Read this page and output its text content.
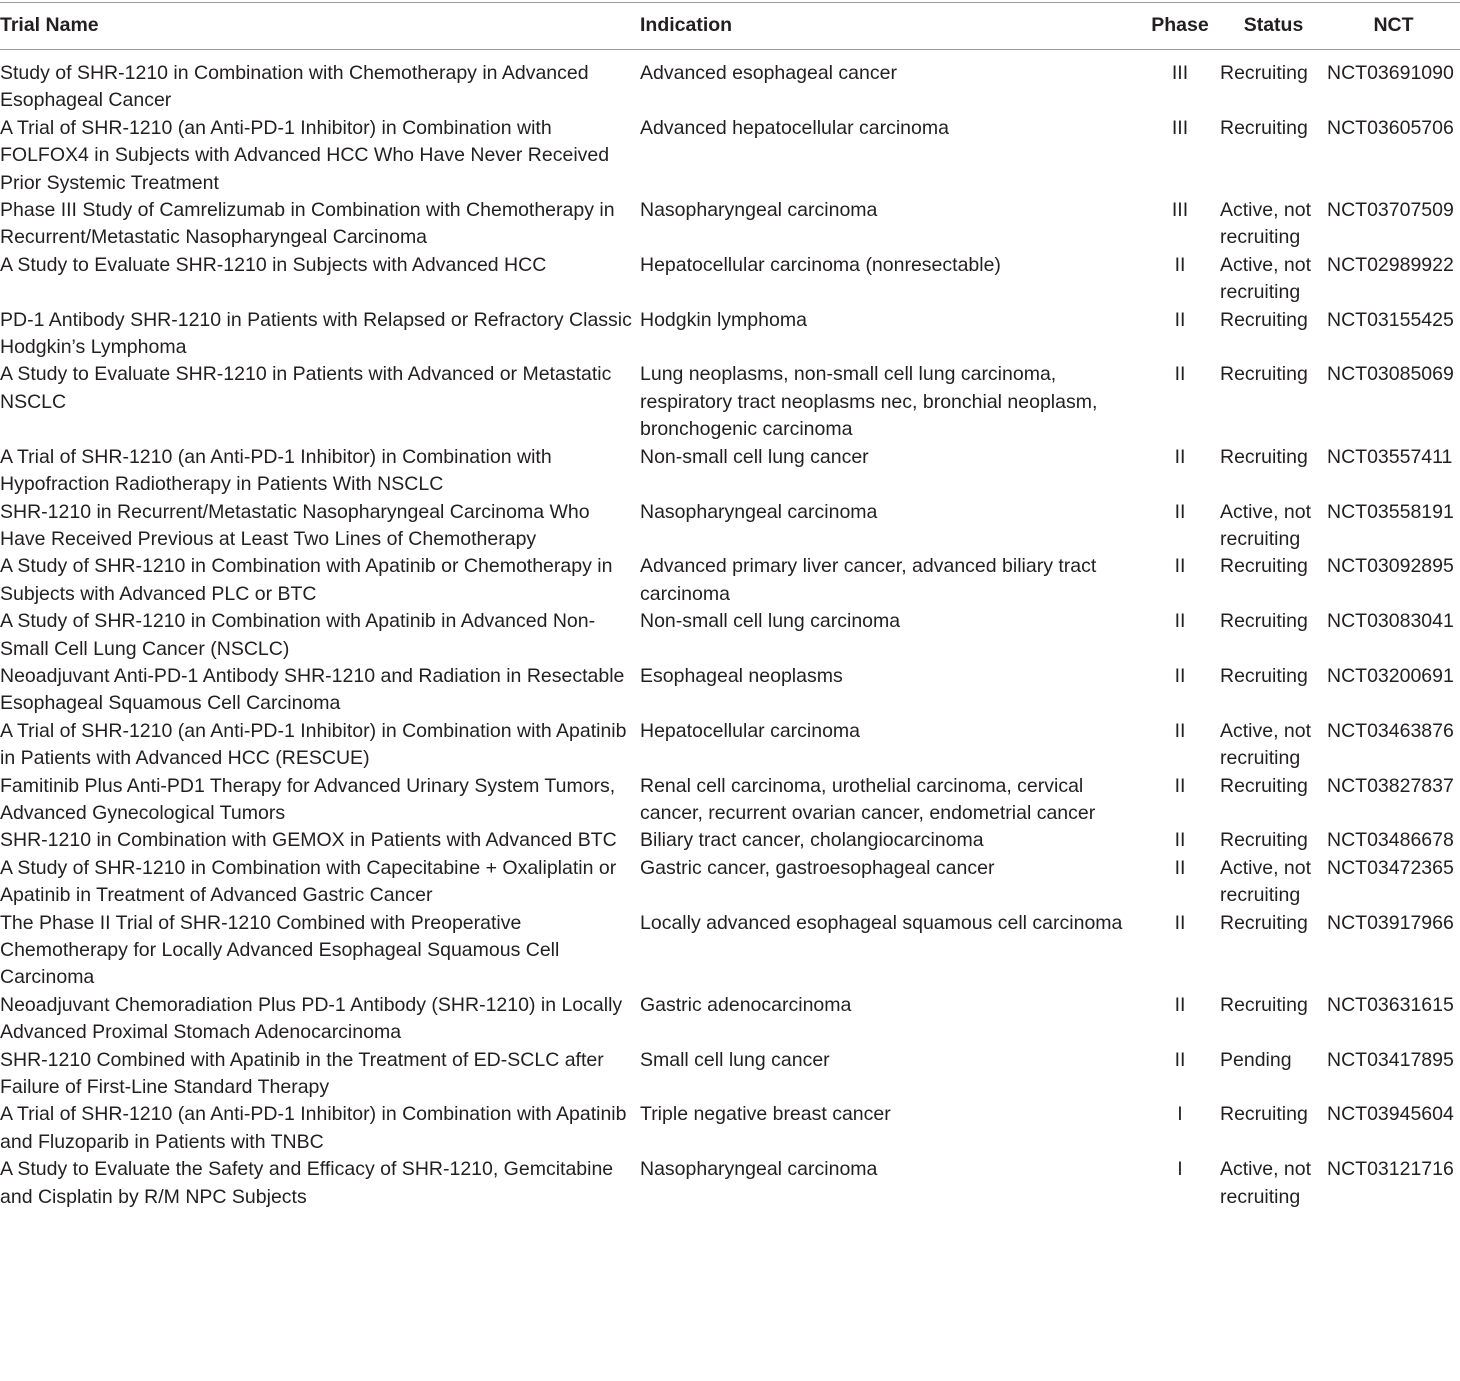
Trial Name	Indication	Phase	Status	NCT
Study of SHR-1210 in Combination with Chemotherapy in Advanced Esophageal Cancer	Advanced esophageal cancer	III	Recruiting	NCT03691090
A Trial of SHR-1210 (an Anti-PD-1 Inhibitor) in Combination with FOLFOX4 in Subjects with Advanced HCC Who Have Never Received Prior Systemic Treatment	Advanced hepatocellular carcinoma	III	Recruiting	NCT03605706
Phase III Study of Camrelizumab in Combination with Chemotherapy in Recurrent/Metastatic Nasopharyngeal Carcinoma	Nasopharyngeal carcinoma	III	Active, not recruiting	NCT03707509
A Study to Evaluate SHR-1210 in Subjects with Advanced HCC	Hepatocellular carcinoma (nonresectable)	II	Active, not recruiting	NCT02989922
PD-1 Antibody SHR-1210 in Patients with Relapsed or Refractory Classic Hodgkin’s Lymphoma	Hodgkin lymphoma	II	Recruiting	NCT03155425
A Study to Evaluate SHR-1210 in Patients with Advanced or Metastatic NSCLC	Lung neoplasms, non-small cell lung carcinoma, respiratory tract neoplasms nec, bronchial neoplasm, bronchogenic carcinoma	II	Recruiting	NCT03085069
A Trial of SHR-1210 (an Anti-PD-1 Inhibitor) in Combination with Hypofraction Radiotherapy in Patients With NSCLC	Non-small cell lung cancer	II	Recruiting	NCT03557411
SHR-1210 in Recurrent/Metastatic Nasopharyngeal Carcinoma Who Have Received Previous at Least Two Lines of Chemotherapy	Nasopharyngeal carcinoma	II	Active, not recruiting	NCT03558191
A Study of SHR-1210 in Combination with Apatinib or Chemotherapy in Subjects with Advanced PLC or BTC	Advanced primary liver cancer, advanced biliary tract carcinoma	II	Recruiting	NCT03092895
A Study of SHR-1210 in Combination with Apatinib in Advanced Non-Small Cell Lung Cancer (NSCLC)	Non-small cell lung carcinoma	II	Recruiting	NCT03083041
Neoadjuvant Anti-PD-1 Antibody SHR-1210 and Radiation in Resectable Esophageal Squamous Cell Carcinoma	Esophageal neoplasms	II	Recruiting	NCT03200691
A Trial of SHR-1210 (an Anti-PD-1 Inhibitor) in Combination with Apatinib in Patients with Advanced HCC (RESCUE)	Hepatocellular carcinoma	II	Active, not recruiting	NCT03463876
Famitinib Plus Anti-PD1 Therapy for Advanced Urinary System Tumors, Advanced Gynecological Tumors	Renal cell carcinoma, urothelial carcinoma, cervical cancer, recurrent ovarian cancer, endometrial cancer	II	Recruiting	NCT03827837
SHR-1210 in Combination with GEMOX in Patients with Advanced BTC	Biliary tract cancer, cholangiocarcinoma	II	Recruiting	NCT03486678
A Study of SHR-1210 in Combination with Capecitabine + Oxaliplatin or Apatinib in Treatment of Advanced Gastric Cancer	Gastric cancer, gastroesophageal cancer	II	Active, not recruiting	NCT03472365
The Phase II Trial of SHR-1210 Combined with Preoperative Chemotherapy for Locally Advanced Esophageal Squamous Cell Carcinoma	Locally advanced esophageal squamous cell carcinoma	II	Recruiting	NCT03917966
Neoadjuvant Chemoradiation Plus PD-1 Antibody (SHR-1210) in Locally Advanced Proximal Stomach Adenocarcinoma	Gastric adenocarcinoma	II	Recruiting	NCT03631615
SHR-1210 Combined with Apatinib in the Treatment of ED-SCLC after Failure of First-Line Standard Therapy	Small cell lung cancer	II	Pending	NCT03417895
A Trial of SHR-1210 (an Anti-PD-1 Inhibitor) in Combination with Apatinib and Fluzoparib in Patients with TNBC	Triple negative breast cancer	I	Recruiting	NCT03945604
A Study to Evaluate the Safety and Efficacy of SHR-1210, Gemcitabine and Cisplatin by R/M NPC Subjects	Nasopharyngeal carcinoma	I	Active, not recruiting	NCT03121716
